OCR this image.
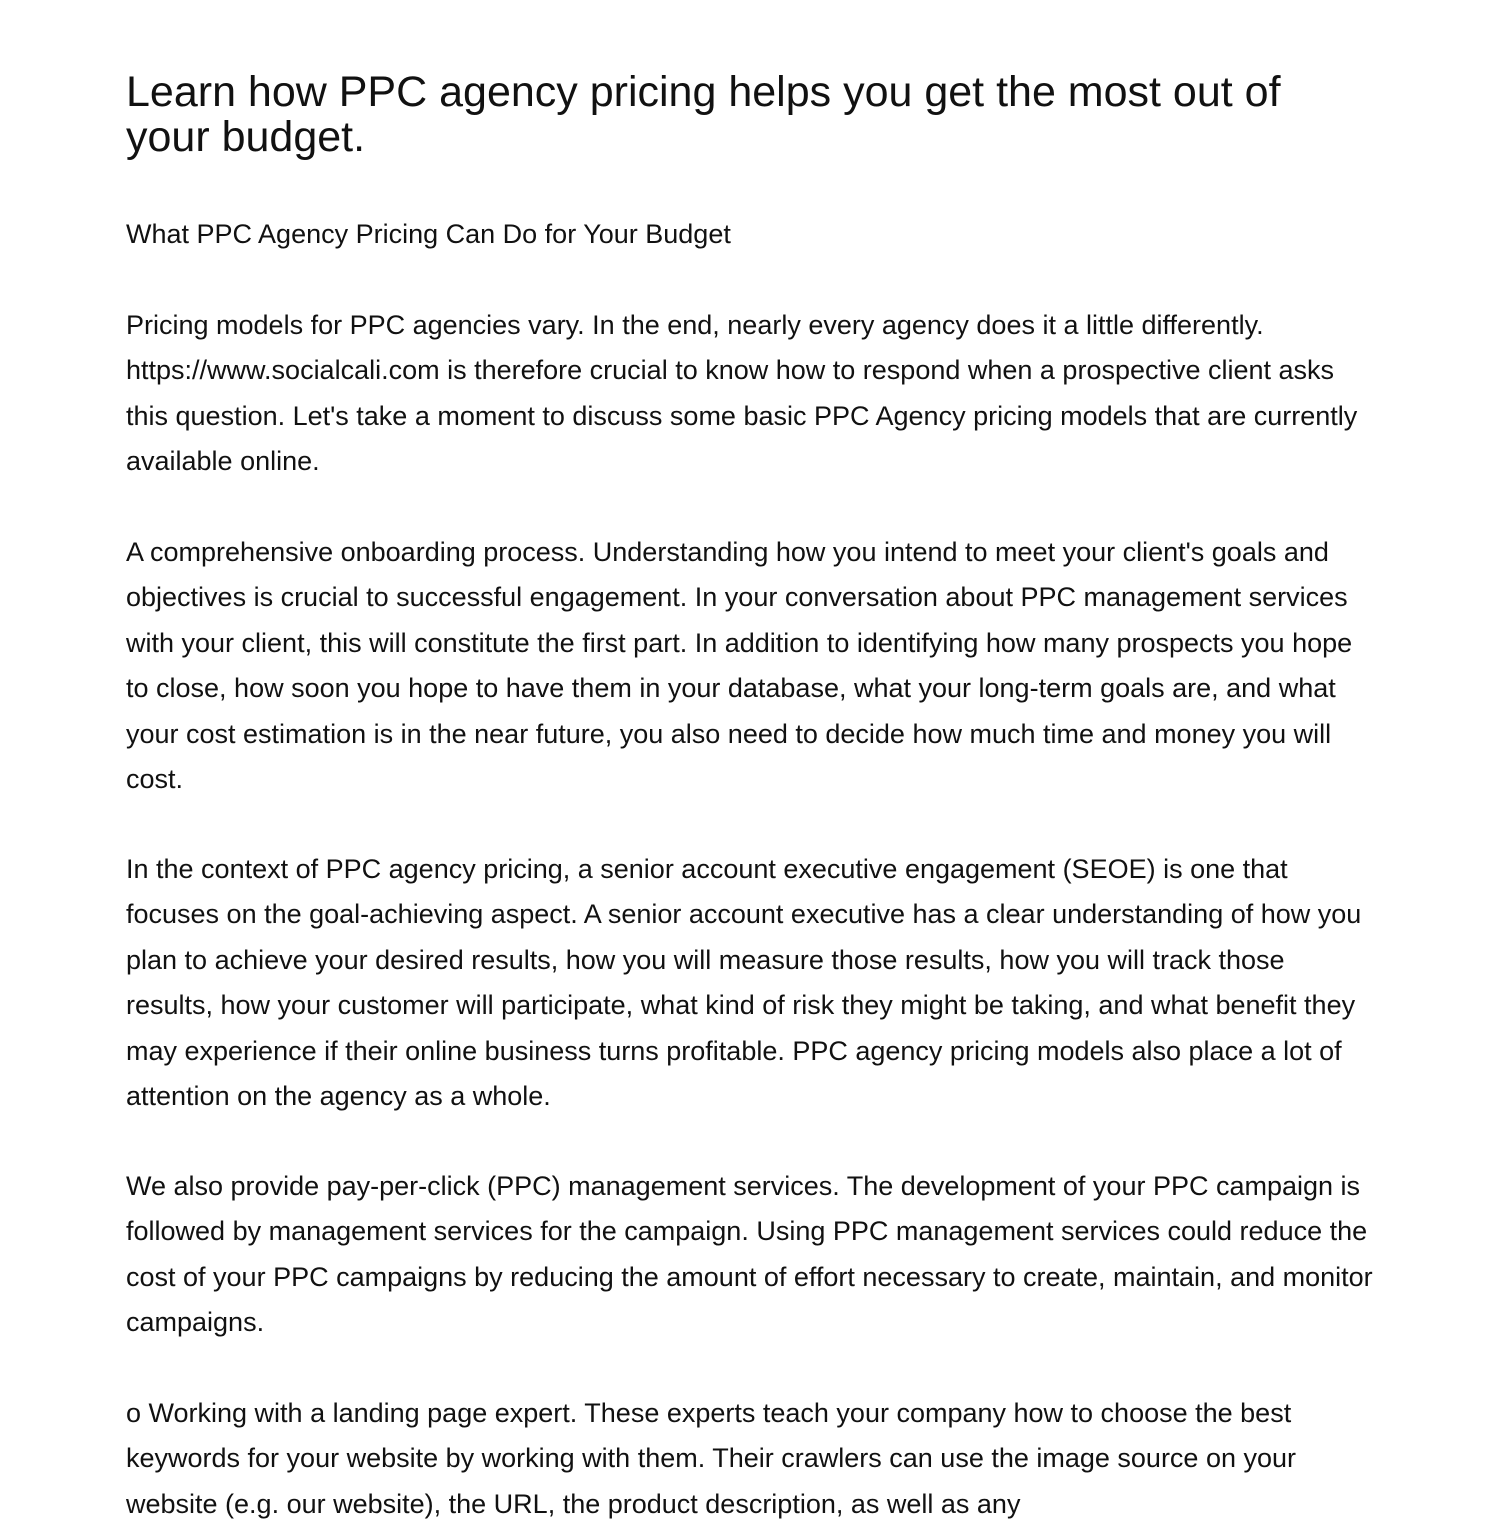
Learn how PPC agency pricing helps you get the most out of your budget.

What PPC Agency Pricing Can Do for Your Budget

Pricing models for PPC agencies vary. In the end, nearly every agency does it a little differently. https://www.socialcali.com is therefore crucial to know how to respond when a prospective client asks this question. Let's take a moment to discuss some basic PPC Agency pricing models that are currently available online.

A comprehensive onboarding process. Understanding how you intend to meet your client's goals and objectives is crucial to successful engagement. In your conversation about PPC management services with your client, this will constitute the first part. In addition to identifying how many prospects you hope to close, how soon you hope to have them in your database, what your long-term goals are, and what your cost estimation is in the near future, you also need to decide how much time and money you will cost.

In the context of PPC agency pricing, a senior account executive engagement (SEOE) is one that focuses on the goal-achieving aspect. A senior account executive has a clear understanding of how you plan to achieve your desired results, how you will measure those results, how you will track those results, how your customer will participate, what kind of risk they might be taking, and what benefit they may experience if their online business turns profitable. PPC agency pricing models also place a lot of attention on the agency as a whole.

We also provide pay-per-click (PPC) management services. The development of your PPC campaign is followed by management services for the campaign. Using PPC management services could reduce the cost of your PPC campaigns by reducing the amount of effort necessary to create, maintain, and monitor campaigns.

o Working with a landing page expert. These experts teach your company how to choose the best keywords for your website by working with them. Their crawlers can use the image source on your website (e.g. our website), the URL, the product description, as well as any
